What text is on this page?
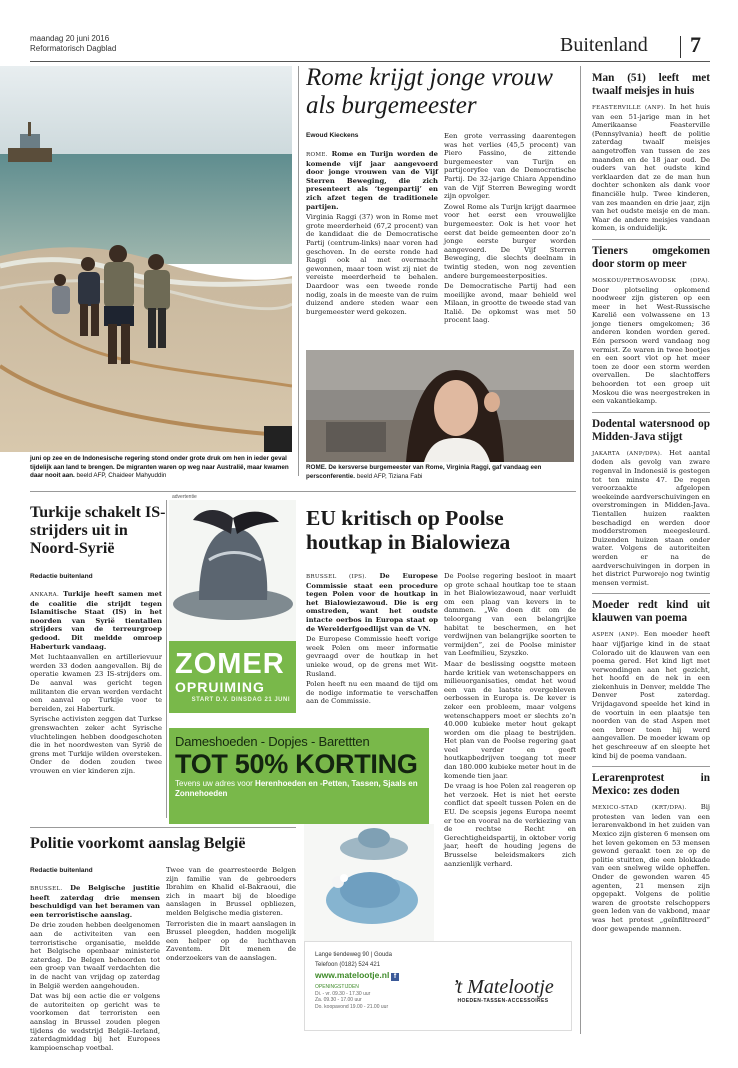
maandag 20 juni 2016
Reformatorisch Dagblad	Buitenland 7
juni op zee en de Indonesische regering stond onder grote druk om hen in ieder geval tijdelijk aan land te brengen. De migranten waren op weg naar Australië, maar kwamen daar nooit aan. beeld AFP, Chaideer Mahyuddin
Rome krijgt jonge vrouw als burgemeester
Ewoud Kieckens

ROME. Rome en Turijn worden de komende vijf jaar aangevoerd door jonge vrouwen van de Vijf Sterren Beweging, die zich presenteert als ‘tegenpartij’ en zich afzet tegen de traditionele partijen.

Virginia Raggi (37) won in Rome met grote meerderheid (67,2 procent) van de kandidaat die de Democratische Partij (centrum-links) naar voren had geschoven. In de eerste ronde had Raggi ook al met overmacht gewonnen, maar toen wist zij niet de vereiste meerderheid te behalen. Daardoor was een tweede ronde nodig, zoals in de meeste van de ruim duizend andere steden waar een burgemeester werd gekozen.

Een grote verrassing daarentegen was het verlies (45,5 procent) van Piero Fassino, de zittende burgemeester van Turijn en partijcoryfee van de Democratische Partij. De 32-jarige Chiara Appendino van de Vijf Sterren Beweging wordt zijn opvolger.

Zowel Rome als Turijn krijgt daarmee voor het eerst een vrouwelijke burgemeester. Ook is het voor het eerst dat beide gemeenten door zo’n jonge eerste burger worden aangevoerd. De Vijf Sterren Beweging, die slechts deelnam in twintig steden, won nog zeventien andere burgemeesterposities.

De Democratische Partij had een moeilijke avond, maar behield wel Milaan, in grootte de tweede stad van Italië. De opkomst was met 50 procent laag.

ROME. De kersverse burgemeester van Rome, Virginia Raggi, gaf vandaag een persconferentie. beeld AFP, Tiziana Fabi
Man (51) leeft met twaalf meisjes in huis

FEASTERVILLE (ANP). In het huis van een 51-jarige man in het Amerikaanse Feasterville (Pennsylvania) heeft de politie zaterdag twaalf meisjes aangetroffen van tussen de zes maanden en de 18 jaar oud. De ouders van het oudste kind verklaarden dat ze de man hun dochter schonken als dank voor financiële hulp. Twee kinderen, van zes maanden en drie jaar, zijn van het oudste meisje en de man. Waar de andere meisjes vandaan komen, is onduidelijk.

Tieners omgekomen door storm op meer

MOSKOU/PETROSAVODSK (DPA). Door plotseling opkomend noodweer zijn gisteren op een meer in het West-Russische Karelië een volwassene en 13 jonge tieners omgekomen; 36 anderen konden worden gered. Eén persoon werd vandaag nog vermist. Ze waren in twee bootjes en een soort vlot op het meer toen ze door een storm werden overvallen. De slachtoffers behoorden tot een groep uit Moskou die was neergestreken in een vakantiekamp.

Dodental watersnood op Midden-Java stijgt

JAKARTA (ANP/DPA). Het aantal doden als gevolg van zware regenval in Indonesië is gestegen tot ten minste 47. De regen veroorzaakte afgelopen weekeinde aardverschuivingen en overstromingen in Midden-Java. Tientallen huizen raakten beschadigd en werden door modderstromen meegesleurd. Duizenden huizen staan onder water. Volgens de autoriteiten werden er na de aardverschuivingen in dorpen in het district Purworejo nog twintig mensen vermist.

Moeder redt kind uit klauwen van poema

ASPEN (ANP). Een moeder heeft haar vijfjarige kind in de staat Colorado uit de klauwen van een poema gered. Het kind ligt met verwondingen aan het gezicht, het hoofd en de nek in een ziekenhuis in Denver, meldde The Denver Post zaterdag. Vrijdagavond speelde het kind in de voortuin in een plaatsje ten noorden van de stad Aspen met een broer toen hij werd aangevallen. De moeder kwam op het geschreeuw af en sleepte het kind bij de poema vandaan.

Lerarenprotest in Mexico: zes doden

MEXICO-STAD (KRT/DPA). Bij protesten van leden van een lerarenvakbond in het zuiden van Mexico zijn gisteren 6 mensen om het leven gekomen en 53 mensen gewond geraakt toen ze op de politie stuitten, die een blokkade van een snelweg wilde opheffen. Onder de gewonden waren 45 agenten, 21 mensen zijn opgepakt. Volgens de politie waren de grootste relschoppers geen leden van de vakbond, maar was het protest „geïnfiltreerd” door gewapende mannen.

Turkije schakelt IS-strijders uit in Noord-Syrië
Redactie buitenland

ANKARA. Turkije heeft samen met de coalitie die strijdt tegen Islamitische Staat (IS) in het noorden van Syrië tientallen strijders van de terreurgroep gedood. Dit meldde omroep Haberturk vandaag.

Met luchtaanvallen en artillerievuur werden 33 doden aangevallen. Bij de operatie kwamen 23 IS-strijders om. De aanval was gericht tegen militanten die ervan werden verdacht een aanval op Turkije voor te bereiden, zei Haberturk.

Syrische activisten zeggen dat Turkse grenswachten zeker acht Syrische vluchtelingen hebben doodgeschoten die in het noordwesten van Syrië de grens met Turkije wilden oversteken. Onder de doden zouden twee vrouwen en vier kinderen zijn.

advertentie
ZOMER
OPRUIMING
START D.V. DINSDAG 21 JUNI
Dameshoeden - Dopjes - Barettten
TOT 50% KORTING
Tevens uw adres voor Herenhoeden en -Petten, Tassen, Sjaals en Zonnehoeden
Lange tiendeweg 90 | Gouda
Telefoon (0182) 524 421
www.matelootje.nl f
OPENINGSTIJDEN
Di. - vr. 09.30 - 17.30 uur
Za. 09.30 - 17.00 uur
Do. koopavond 19.00 - 21.00 uur
’t Matelootje
HOEDEN-TASSEN-ACCESSOIRES
EU kritisch op Poolse houtkap in Bialowieza

BRUSSEL (IPS). De Europese Commissie staat een procedure tegen Polen voor de houtkap in het Bialowiezawoud. Die is erg omstreden, want het oudste intacte oerbos in Europa staat op de Werelderfgoedlijst van de VN.

De Europese Commissie heeft vorige week Polen om meer informatie gevraagd over de houtkap in het unieke woud, op de grens met Wit-Rusland.

Polen heeft nu een maand de tijd om de nodige informatie te verschaffen aan de Commissie.

De Poolse regering besloot in maart op grote schaal houtkap toe te staan in het Bialowiezawoud, naar verluidt om een plaag van kevers in te dammen. „We doen dit om de teloorgang van een belangrijke habitat te beschermen, en het verdwijnen van belangrijke soorten te vermijden”, zei de Poolse minister van Leefmilieu, Szyszko.

Maar de beslissing oogstte meteen harde kritiek van wetenschappers en milieuorganisaties, omdat het woud een van de laatste overgebleven oerbossen in Europa is. De kever is zeker een probleem, maar volgens wetenschappers moet er slechts zo’n 40.000 kubieke meter hout gekapt worden om die plaag te bestrijden. Het plan van de Poolse regering gaat veel verder en geeft houtkapbedrijven toegang tot meer dan 180.000 kubieke meter hout in de komende tien jaar.

De vraag is hoe Polen zal reageren op het verzoek. Het is niet het eerste conflict dat speelt tussen Polen en de EU. De scepsis jegens Europa neemt er toe en vooral na de verkiezing van de rechtse Recht en Gerechtigheidspartij, in oktober vorig jaar, heeft de houding jegens de Brusselse beleidsmakers zich aanzienlijk verhard.

Politie voorkomt aanslag België
Redactie buitenland

BRUSSEL. De Belgische justitie heeft zaterdag drie mensen beschuldigd van het beramen van een terroristische aanslag.

De drie zouden hebben deelgenomen aan de activiteiten van een terroristische organisatie, meldde het Belgische openbaar ministerie zaterdag. De Belgen behoorden tot een groep van twaalf verdachten die in de nacht van vrijdag op zaterdag in België werden aangehouden.

Dat was bij een actie die er volgens de autoriteiten op gericht was te voorkomen dat terroristen een aanslag in Brussel zouden plegen tijdens de wedstrijd België–Ierland, zaterdagmiddag bij het Europees kampioenschap voetbal.

Twee van de gearresteerde Belgen zijn familie van de gebroeders Ibrahim en Khalid el-Bakraoui, die zich in maart bij de bloedige aanslagen in Brussel opbliezen, melden Belgische media gisteren.

Terroristen die in maart aanslagen in Brussel pleegden, hadden mogelijk een helper op de luchthaven Zaventem. Dit menen de onderzoekers van de aanslagen.
